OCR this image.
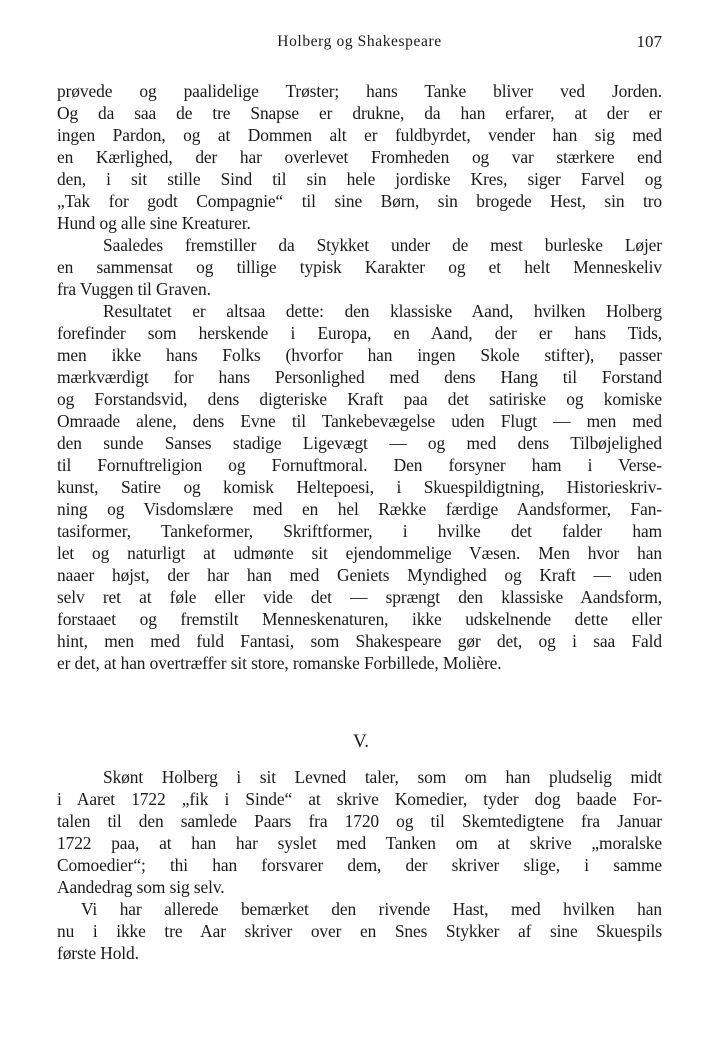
Holberg og Shakespeare	107
prøvede og paalidelige Trøster; hans Tanke bliver ved Jorden.
Og da saa de tre Snapse er drukne, da han erfarer, at der er
ingen Pardon, og at Dommen alt er fuldbyrdet, vender han sig med
en Kærlighed, der har overlevet Fromheden og var stærkere end
den, i sit stille Sind til sin hele jordiske Kres, siger Farvel og
„Tak for godt Compagnie“ til sine Børn, sin brogede Hest, sin tro
Hund og alle sine Kreaturer.
Saaledes fremstiller da Stykket under de mest burleske Løjer
en sammensat og tillige typisk Karakter og et helt Menneskeliv
fra Vuggen til Graven.
Resultatet er altsaa dette: den klassiske Aand, hvilken Holberg
forefinder som herskende i Europa, en Aand, der er hans Tids,
men ikke hans Folks (hvorfor han ingen Skole stifter), passer
mærkværdigt for hans Personlighed med dens Hang til Forstand
og Forstandsvid, dens digteriske Kraft paa det satiriske og komiske
Omraade alene, dens Evne til Tankebevægelse uden Flugt — men med
den sunde Sanses stadige Ligevægt — og med dens Tilbøjelighed
til Fornuftreligion og Fornuftmoral. Den forsyner ham i Verse-
kunst, Satire og komisk Heltepoesi, i Skuespildigtning, Historieskriv-
ning og Visdomslære med en hel Række færdige Aandsformer, Fan-
tasiformer, Tankeformer, Skriftformer, i hvilke det falder ham
let og naturligt at udmønte sit ejendommelige Væsen. Men hvor han
naaer højst, der har han med Geniets Myndighed og Kraft — uden
selv ret at føle eller vide det — sprængt den klassiske Aandsform,
forstaaet og fremstilt Menneskenaturen, ikke udskelnende dette eller
hint, men med fuld Fantasi, som Shakespeare gør det, og i saa Fald
er det, at han overtræffer sit store, romanske Forbillede, Molière.
V.
Skønt Holberg i sit Levned taler, som om han pludselig midt
i Aaret 1722 „fik i Sinde“ at skrive Komedier, tyder dog baade For-
talen til den samlede Paars fra 1720 og til Skemtedigtene fra Januar
1722 paa, at han har syslet med Tanken om at skrive „moralske
Comoedier“; thi han forsvarer dem, der skriver slige, i samme
Aandedrag som sig selv.
Vi har allerede bemærket den rivende Hast, med hvilken han
nu i ikke tre Aar skriver over en Snes Stykker af sine Skuespils
første Hold.
